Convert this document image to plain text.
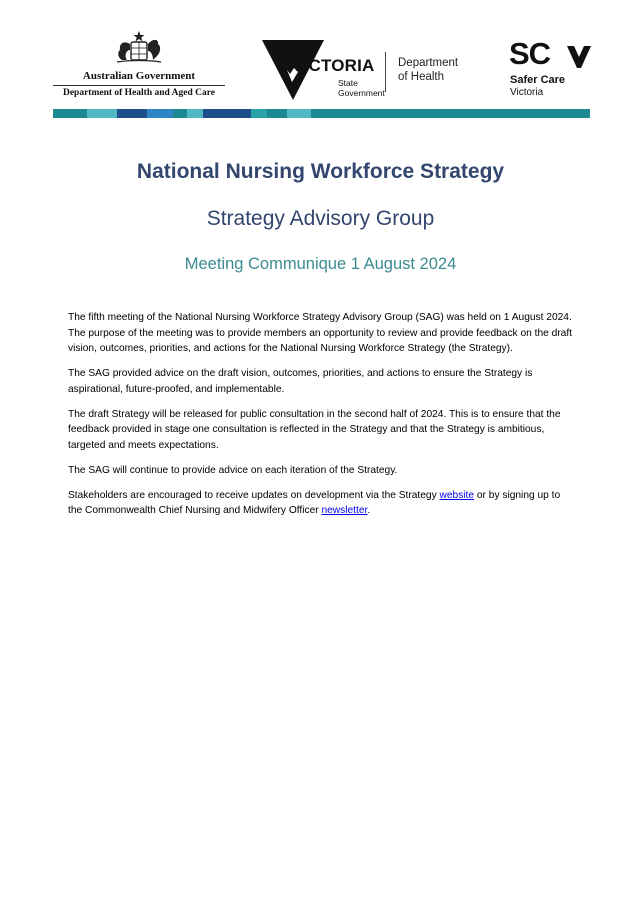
Australian Government
Department of Health and Aged Care
VICTORIA
State
Government
Department
of Health
SC
Safer Care
Victoria
National Nursing Workforce Strategy
Strategy Advisory Group
Meeting Communique 1 August 2024

The fifth meeting of the National Nursing Workforce Strategy Advisory Group (SAG) was held on 1 August 2024. The purpose of the meeting was to provide members an opportunity to review and provide feedback on the draft vision, outcomes, priorities, and actions for the National Nursing Workforce Strategy (the Strategy).

The SAG provided advice on the draft vision, outcomes, priorities, and actions to ensure the Strategy is aspirational, future-proofed, and implementable.

The draft Strategy will be released for public consultation in the second half of 2024. This is to ensure that the feedback provided in stage one consultation is reflected in the Strategy and that the Strategy is ambitious, targeted and meets expectations.

The SAG will continue to provide advice on each iteration of the Strategy.

Stakeholders are encouraged to receive updates on development via the Strategy website or by signing up to the Commonwealth Chief Nursing and Midwifery Officer newsletter.
